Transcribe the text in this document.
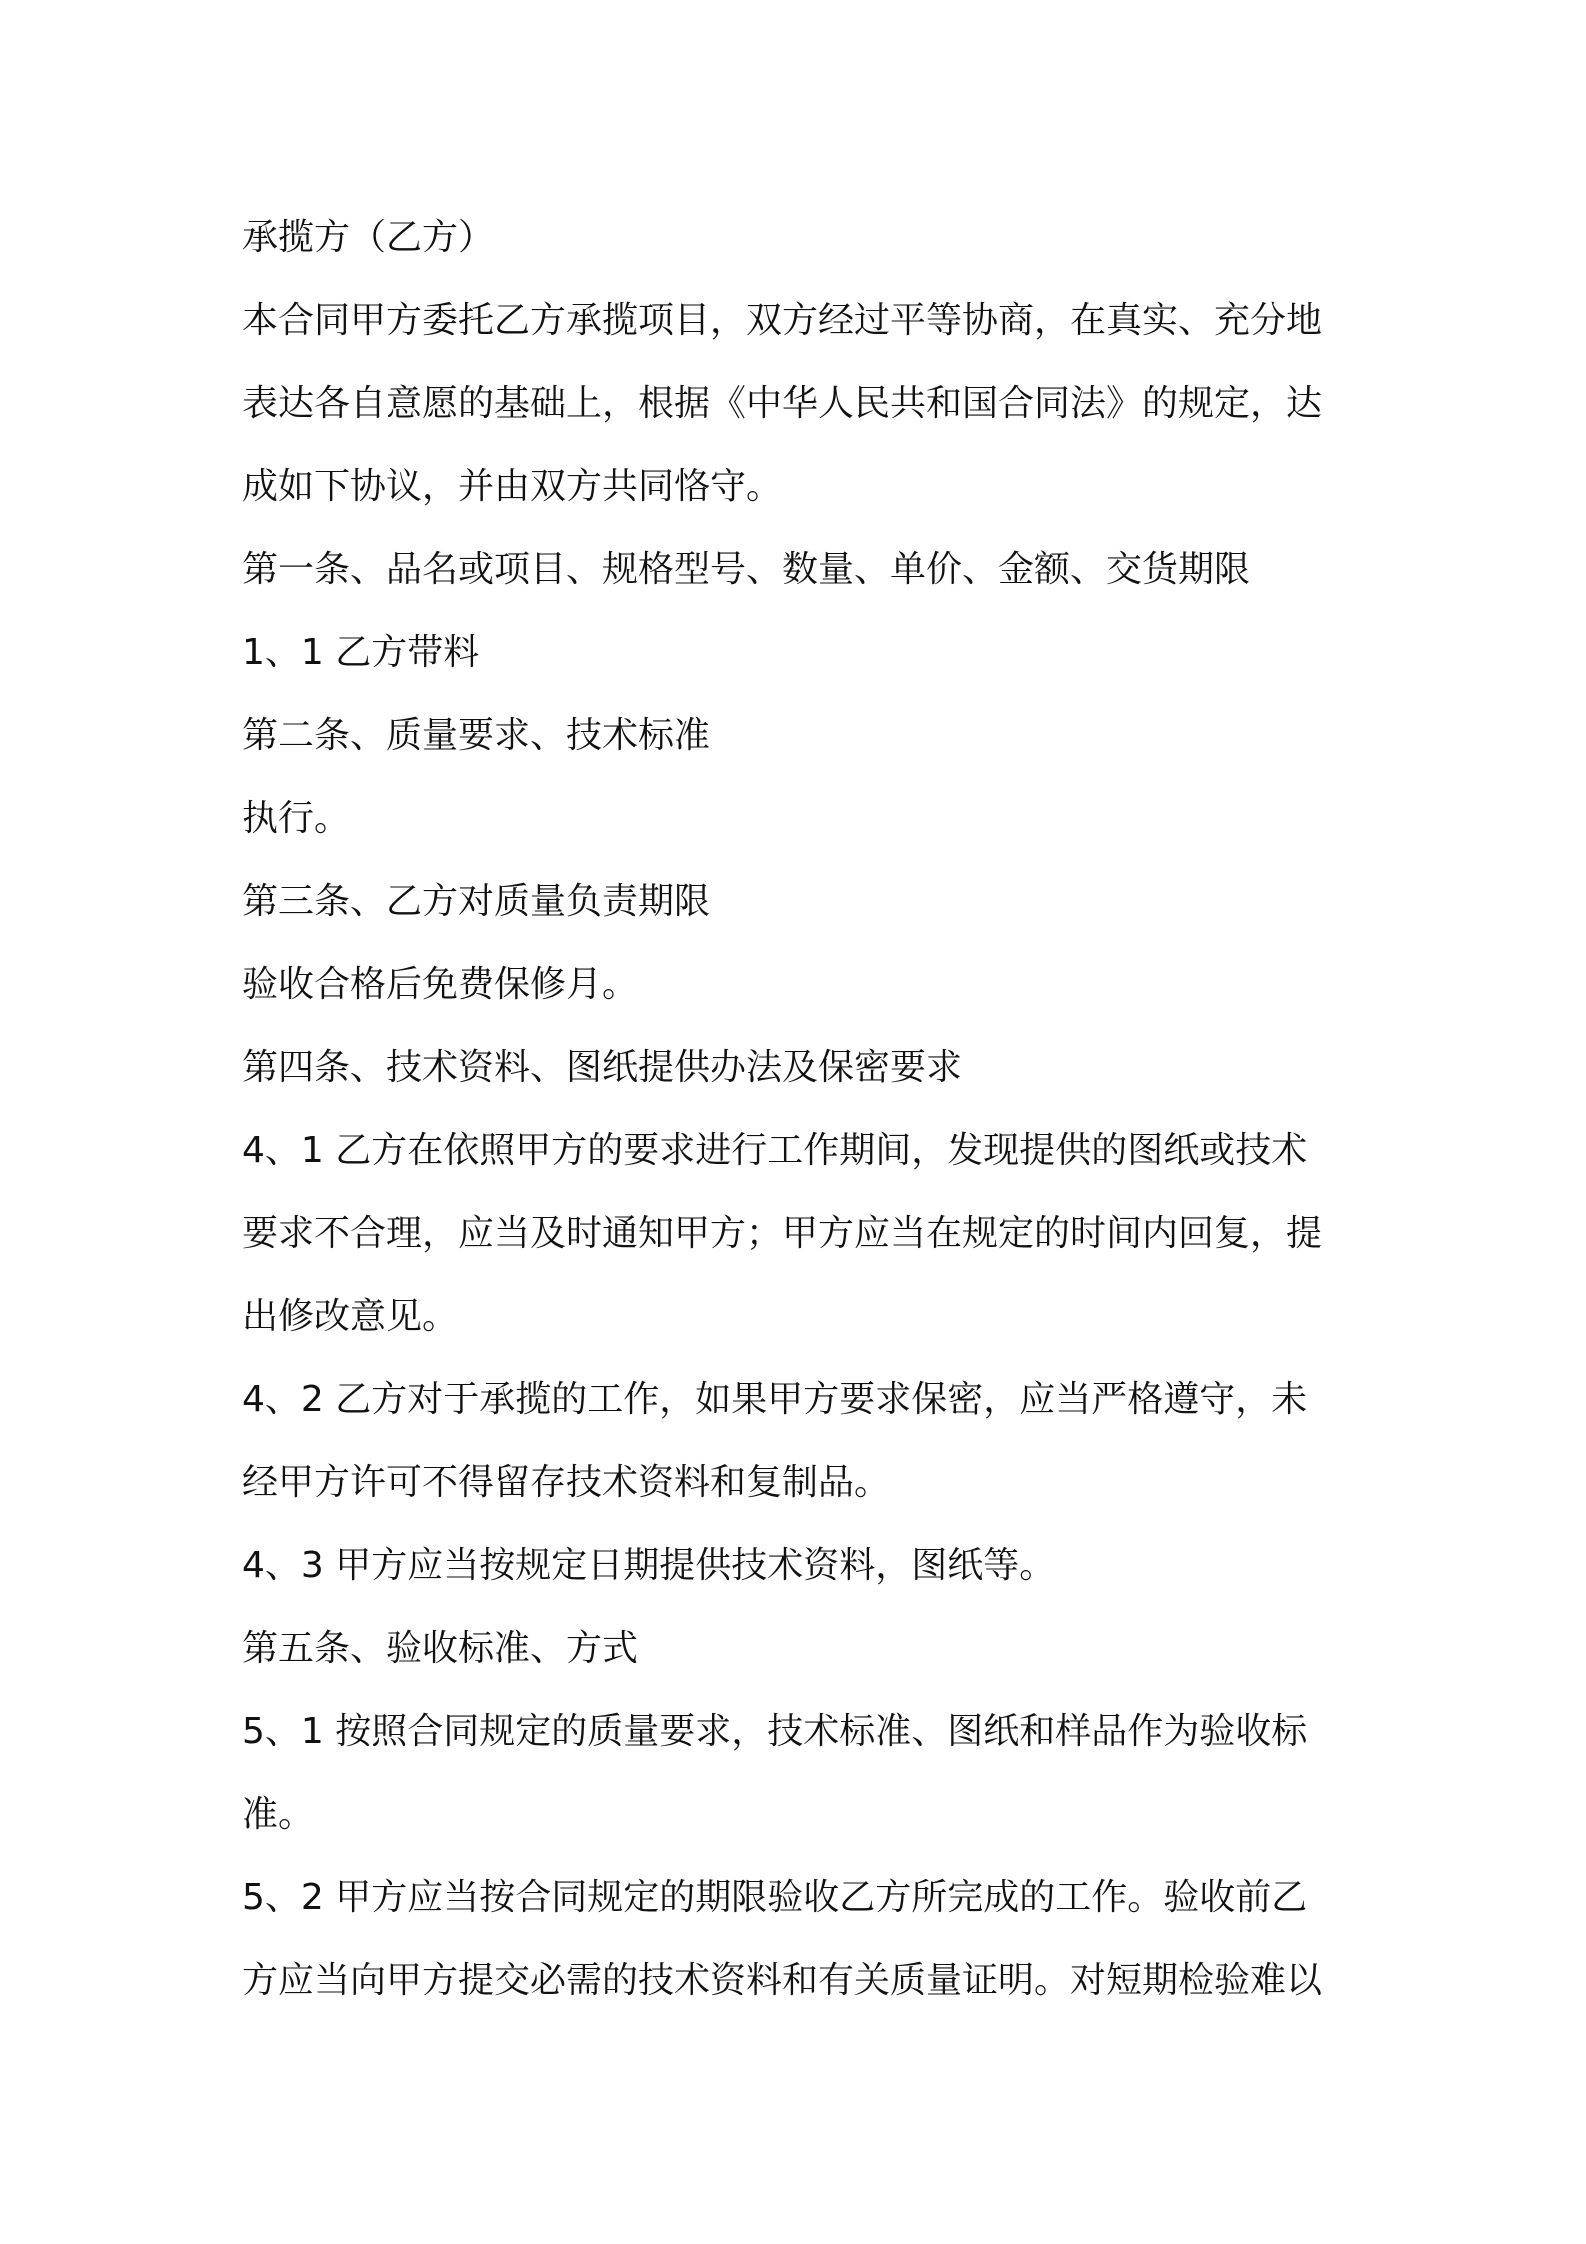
承揽方（乙方）
本合同甲方委托乙方承揽项目，双方经过平等协商，在真实、充分地
表达各自意愿的基础上，根据《中华人民共和国合同法》的规定，达
成如下协议，并由双方共同恪守。
第一条、品名或项目、规格型号、数量、单价、金额、交货期限
1、1 乙方带料
第二条、质量要求、技术标准
执行。
第三条、乙方对质量负责期限
验收合格后免费保修月。
第四条、技术资料、图纸提供办法及保密要求
4、1 乙方在依照甲方的要求进行工作期间，发现提供的图纸或技术
要求不合理，应当及时通知甲方；甲方应当在规定的时间内回复，提
出修改意见。
4、2 乙方对于承揽的工作，如果甲方要求保密，应当严格遵守，未
经甲方许可不得留存技术资料和复制品。
4、3 甲方应当按规定日期提供技术资料，图纸等。
第五条、验收标准、方式
5、1 按照合同规定的质量要求，技术标准、图纸和样品作为验收标
准。
5、2 甲方应当按合同规定的期限验收乙方所完成的工作。验收前乙
方应当向甲方提交必需的技术资料和有关质量证明。对短期检验难以
